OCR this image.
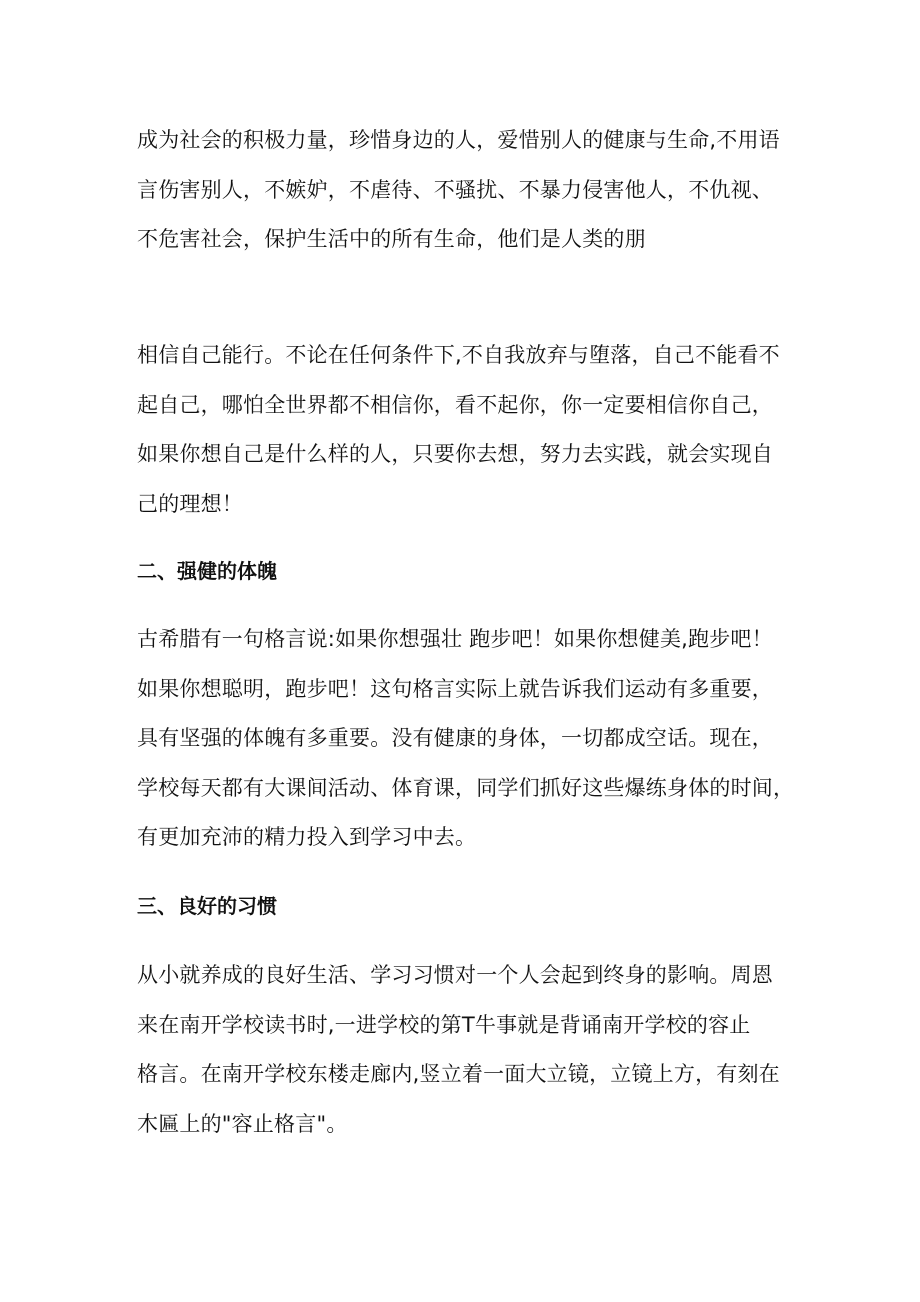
成为社会的积极力量，珍惜身边的人，爱惜别人的健康与生命,不用语
言伤害别人，不嫉妒，不虐待、不骚扰、不暴力侵害他人，不仇视、
不危害社会，保护生活中的所有生命，他们是人类的朋
相信自己能行。不论在任何条件下,不自我放弃与堕落，自己不能看不
起自己，哪怕全世界都不相信你，看不起你，你一定要相信你自己，
如果你想自己是什么样的人，只要你去想，努力去实践，就会实现自
己的理想！
二、强健的体魄
古希腊有一句格言说:如果你想强壮 跑步吧！如果你想健美,跑步吧！
如果你想聪明，跑步吧！这句格言实际上就告诉我们运动有多重要，
具有坚强的体魄有多重要。没有健康的身体，一切都成空话。现在，
学校每天都有大课间活动、体育课，同学们抓好这些爆练身体的时间，
有更加充沛的精力投入到学习中去。
三、良好的习惯
从小就养成的良好生活、学习习惯对一个人会起到终身的影响。周恩
来在南开学校读书时,一进学校的第T牛事就是背诵南开学校的容止
格言。在南开学校东楼走廊内,竖立着一面大立镜，立镜上方，有刻在
木匾上的"容止格言"。
